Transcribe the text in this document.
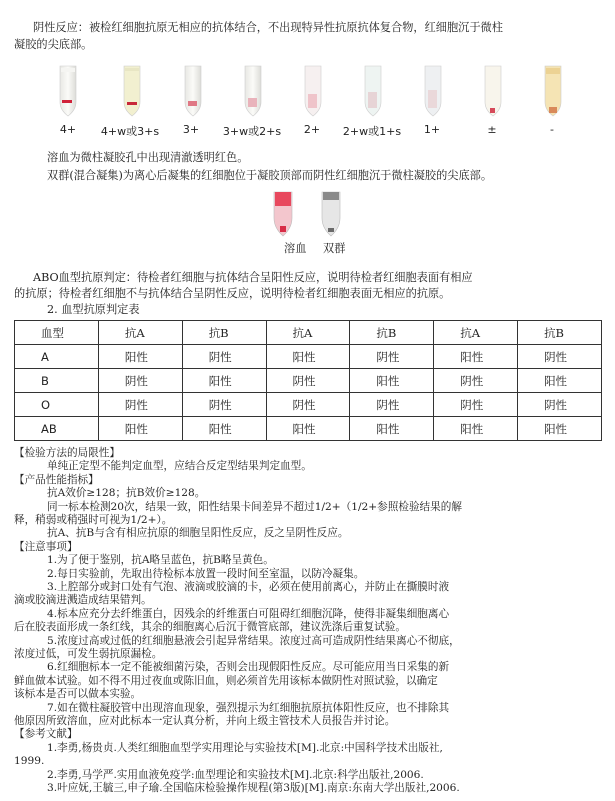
阴性反应：被检红细胞抗原无相应的抗体结合，不出现特异性抗原抗体复合物，红细胞沉于微柱
凝胶的尖底部。
4+	4+w或3+s	3+	3+w或2+s	2+	2+w或1+s	1+	±	-
溶血为微柱凝胶孔中出现清澈透明红色。
双群(混合凝集)为离心后凝集的红细胞位于凝胶顶部而阴性红细胞沉于微柱凝胶的尖底部。
溶血 双群
ABO血型抗原判定：待检者红细胞与抗体结合呈阳性反应，说明待检者红细胞表面有相应
的抗原；待检者红细胞不与抗体结合呈阴性反应，说明待检者红细胞表面无相应的抗原。
2. 血型抗原判定表
血型	抗A	抗B	抗A	抗B	抗A	抗B
A	阳性	阴性	阳性	阴性	阳性	阴性
B	阴性	阳性	阴性	阳性	阴性	阳性
O	阴性	阴性	阴性	阴性	阴性	阴性
AB	阳性	阳性	阳性	阳性	阳性	阳性
【检验方法的局限性】
单纯正定型不能判定血型，应结合反定型结果判定血型。
【产品性能指标】
抗A效价≥128；抗B效价≥128。
同一标本检测20次，结果一致，阳性结果卡间差异不超过1/2+（1/2+参照检验结果的解
释，稍弱或稍强时可视为1/2+）。
抗A、抗B与含有相应抗原的细胞呈阳性反应，反之呈阴性反应。
【注意事项】
1.为了便于鉴别，抗A略呈蓝色，抗B略呈黄色。
2.每日实验前，先取出待检标本放置一段时间至室温，以防冷凝集。
3.上腔部分或封口处有气泡、液滴或胶滴的卡，必须在使用前离心，并防止在撕膜时液
滴或胶滴进溅造成结果错判。
4.标本应充分去纤维蛋白，因残余的纤维蛋白可阻碍红细胞沉降，使得非凝集细胞离心
后在胶表面形成一条红线，其余的细胞离心后沉于微管底部，建议洗涤后重复试验。
5.浓度过高或过低的红细胞悬液会引起异常结果。浓度过高可造成阴性结果离心不彻底，
浓度过低，可发生弱抗原漏检。
6.红细胞标本一定不能被细菌污染，否则会出现假阳性反应。尽可能应用当日采集的新
鲜血做本试验。如不得不用过夜血或陈旧血，则必须首先用该标本做阴性对照试验，以确定
该标本是否可以做本实验。
7.如在微柱凝胶管中出现溶血现象，强烈提示为红细胞抗原抗体阳性反应，也不排除其
他原因所致溶血，应对此标本一定认真分析，并向上级主管技术人员报告并讨论。
【参考文献】
1.李勇,杨贵贞.人类红细胞血型学实用理论与实验技术[M].北京:中国科学技术出版社,
1999.
2.李勇,马学严.实用血液免疫学:血型理论和实验技术[M].北京:科学出版社,2006.
3.叶应妩,王毓三,申子瑜.全国临床检验操作规程(第3版)[M].南京:东南大学出版社,2006.
